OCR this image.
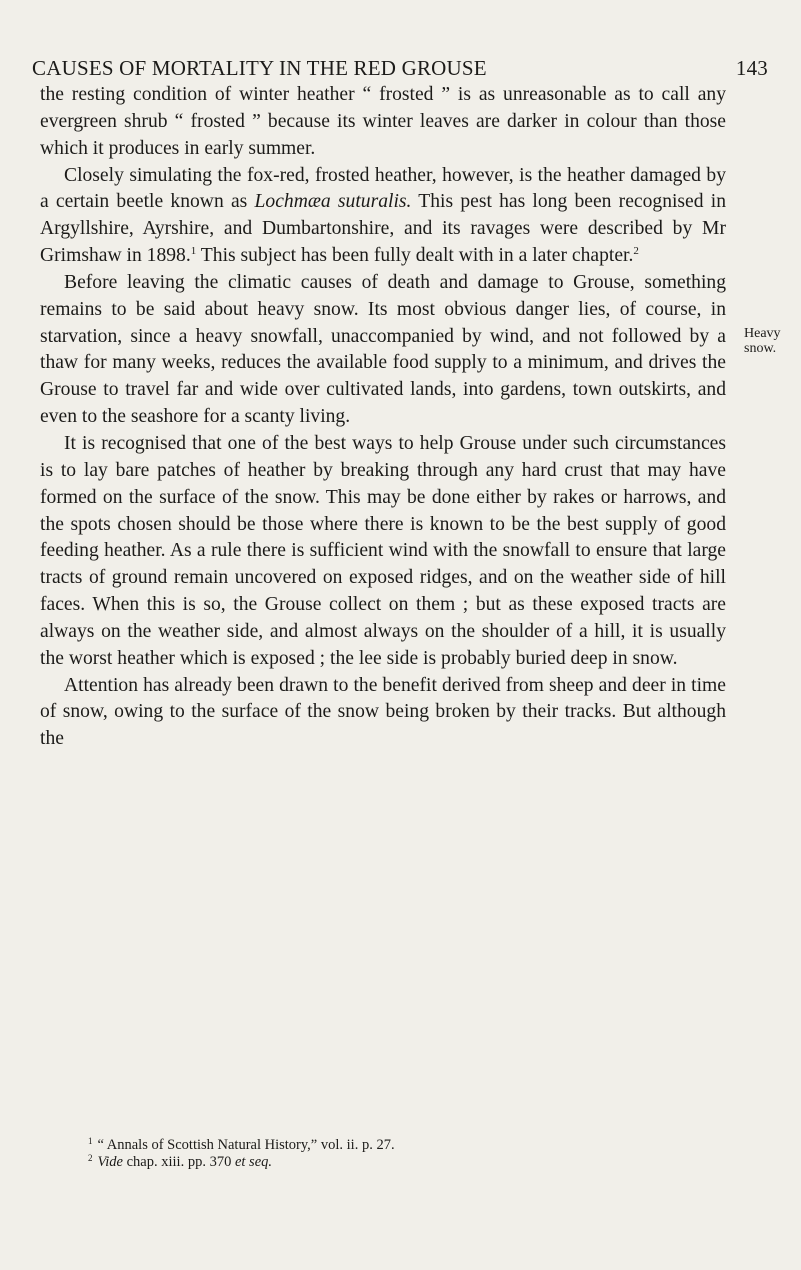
CAUSES OF MORTALITY IN THE RED GROUSE	143
Heavy snow.

the resting condition of winter heather “ frosted ” is as unreasonable as to call any evergreen shrub “ frosted ” because its winter leaves are darker in colour than those which it produces in early summer.

Closely simulating the fox-red, frosted heather, however, is the heather damaged by a certain beetle known as Lochmæa suturalis. This pest has long been recognised in Argyllshire, Ayrshire, and Dumbartonshire, and its ravages were described by Mr Grimshaw in 1898.$^1$ This subject has been fully dealt with in a later chapter.$^2$

Before leaving the climatic causes of death and damage to Grouse, something remains to be said about heavy snow. Its most obvious danger lies, of course, in starvation, since a heavy snowfall, unaccompanied by wind, and not followed by a thaw for many weeks, reduces the available food supply to a minimum, and drives the Grouse to travel far and wide over cultivated lands, into gardens, town outskirts, and even to the seashore for a scanty living.

It is recognised that one of the best ways to help Grouse under such circumstances is to lay bare patches of heather by breaking through any hard crust that may have formed on the surface of the snow. This may be done either by rakes or harrows, and the spots chosen should be those where there is known to be the best supply of good feeding heather. As a rule there is sufficient wind with the snowfall to ensure that large tracts of ground remain uncovered on exposed ridges, and on the weather side of hill faces. When this is so, the Grouse collect on them ; but as these exposed tracts are always on the weather side, and almost always on the shoulder of a hill, it is usually the worst heather which is exposed ; the lee side is probably buried deep in snow.

Attention has already been drawn to the benefit derived from sheep and deer in time of snow, owing to the surface of the snow being broken by their tracks. But although the

$^1$ “ Annals of Scottish Natural History,” vol. ii. p. 27.
$^2$ Vide chap. xiii. pp. 370 et seq.
